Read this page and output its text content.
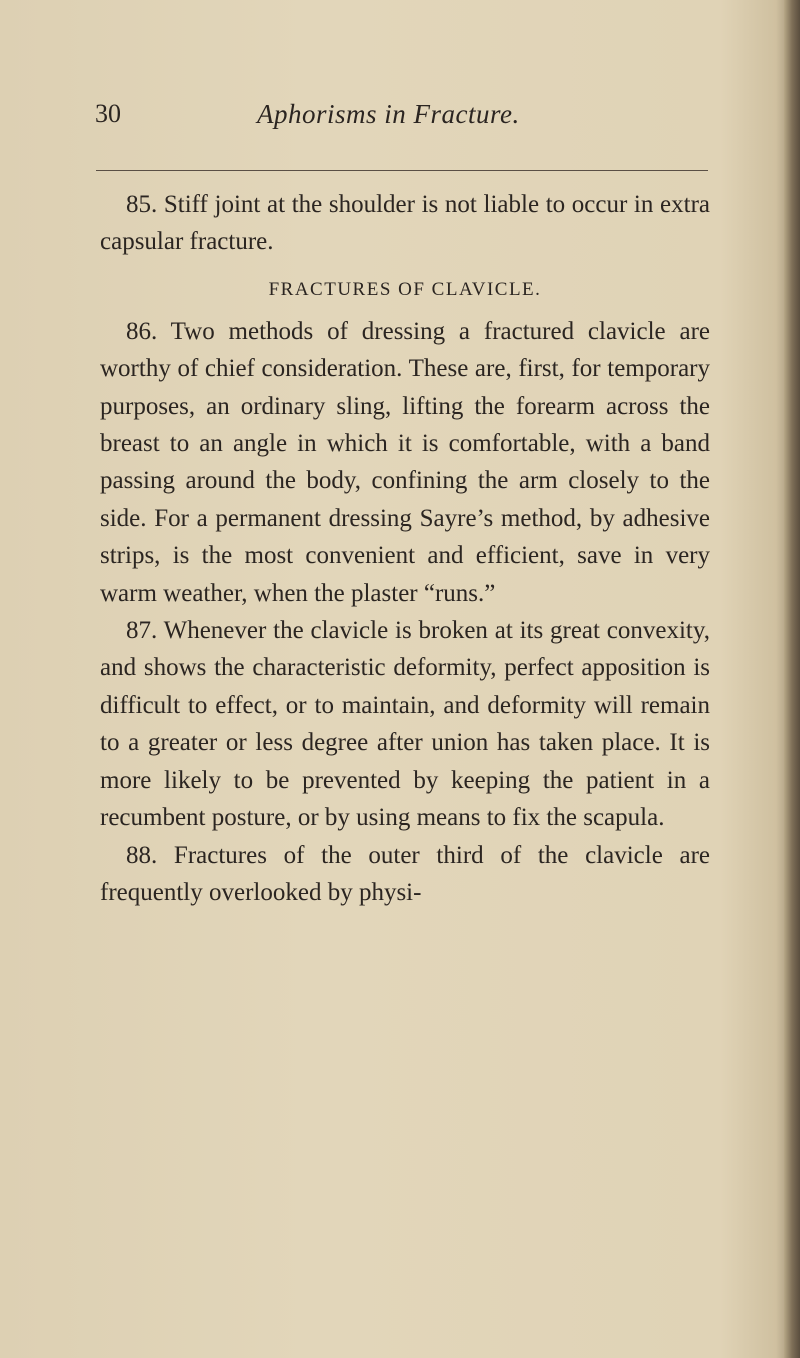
30	Aphorisms in Fracture.

85. Stiff joint at the shoulder is not liable to occur in extra capsular fracture.

FRACTURES OF CLAVICLE.

86. Two methods of dressing a fractured clavicle are worthy of chief consideration. These are, first, for temporary purposes, an ordinary sling, lifting the forearm across the breast to an angle in which it is comfortable, with a band passing around the body, confining the arm closely to the side. For a permanent dressing Sayre’s method, by adhesive strips, is the most convenient and efficient, save in very warm weather, when the plaster “runs.”

87. Whenever the clavicle is broken at its great convexity, and shows the characteristic deformity, perfect apposition is difficult to effect, or to maintain, and deformity will remain to a greater or less degree after union has taken place. It is more likely to be prevented by keeping the patient in a recumbent posture, or by using means to fix the scapula.

88. Fractures of the outer third of the clavicle are frequently overlooked by physi-
